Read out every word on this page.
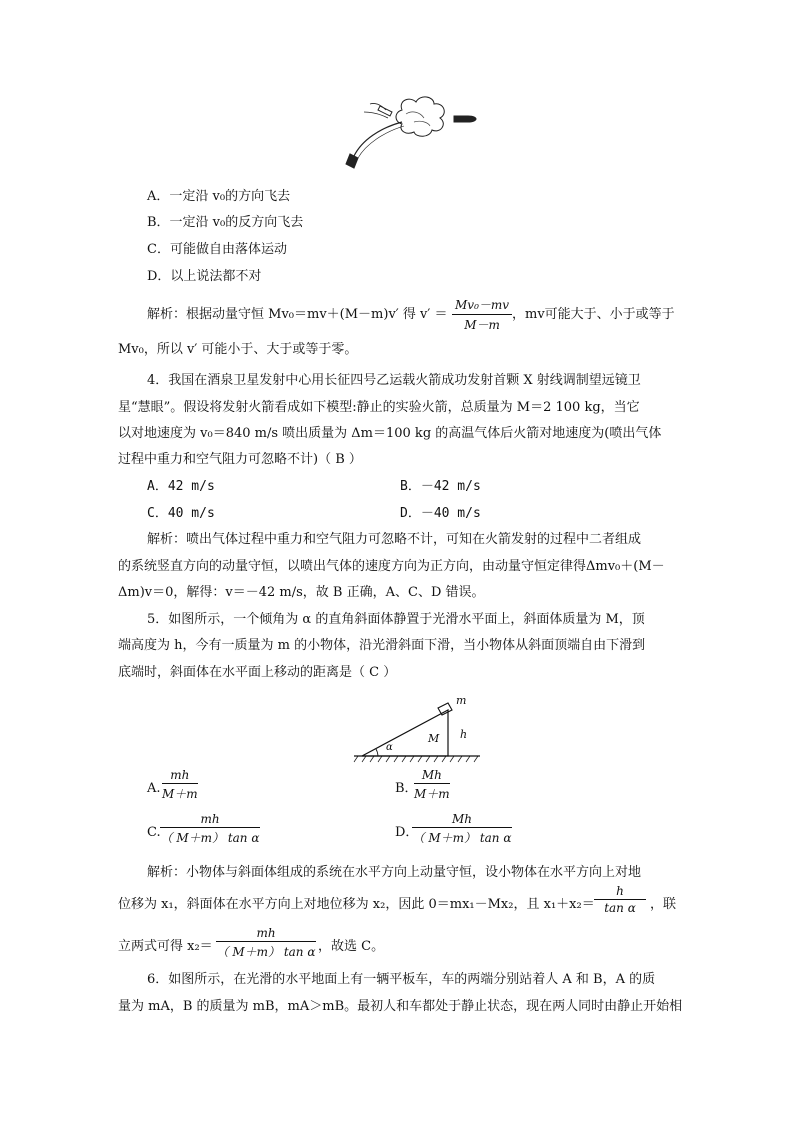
A．一定沿 v₀的方向飞去
B．一定沿 v₀的反方向飞去
C．可能做自由落体运动
D．以上说法都不对
解析：根据动量守恒 Mv₀＝mv＋(M－m)v′ 得 $v' = \frac{\text{Mv₀－mv}}{M-m}$ ，mv可能大于、小于或等于
Mv₀，所以 v′ 可能小于、大于或等于零。
4．我国在酒泉卫星发射中心用长征四号乙运载火箭成功发射首颗 X 射线调制望远镜卫
星“慧眼”。假设将发射火箭看成如下模型:静止的实验火箭，总质量为 M＝2 100 kg，当它
以对地速度为 v₀＝840 m/s 喷出质量为 Δm＝100 kg 的高温气体后火箭对地速度为(喷出气体
过程中重力和空气阻力可忽略不计)（ B ）
A．42 m/s	B．－42 m/s
C．40 m/s	D．－40 m/s
解析：喷出气体过程中重力和空气阻力可忽略不计，可知在火箭发射的过程中二者组成
的系统竖直方向的动量守恒，以喷出气体的速度方向为正方向，由动量守恒定律得Δmv₀＋(M－
Δm)v＝0，解得：v＝－42 m/s，故 B 正确，A、C、D 错误。
5．如图所示，一个倾角为 α 的直角斜面体静置于光滑水平面上，斜面体质量为 M，顶
端高度为 h，今有一质量为 m 的小物体，沿光滑斜面下滑，当小物体从斜面顶端自由下滑到
底端时，斜面体在水平面上移动的距离是（ C ）
m
h
M
α
A. $\frac{mh}{M+m}$	B．
$\frac{Mh}{M+m}$
C. $\frac{mh}{\text{（ M＋m） tan α}}$	D．
$\frac{Mh}{\text{（ M＋m） tan α}}$
解析：小物体与斜面体组成的系统在水平方向上动量守恒，设小物体在水平方向上对地
位移为 x₁，斜面体在水平方向上对地位移为 x₂，因此 0＝mx₁－Mx₂，且 $x_1+x_2= \frac{h}{\text{tan α}}$ ，联
立两式可得 $x_2= \frac{mh}{\text{（ M＋m） tan α}}$ ，故选 C。
6．如图所示，在光滑的水平地面上有一辆平板车，车的两端分别站着人 A 和 B，A 的质
量为 mA，B 的质量为 mB，mA＞mB。最初人和车都处于静止状态，现在两人同时由静止开始相
